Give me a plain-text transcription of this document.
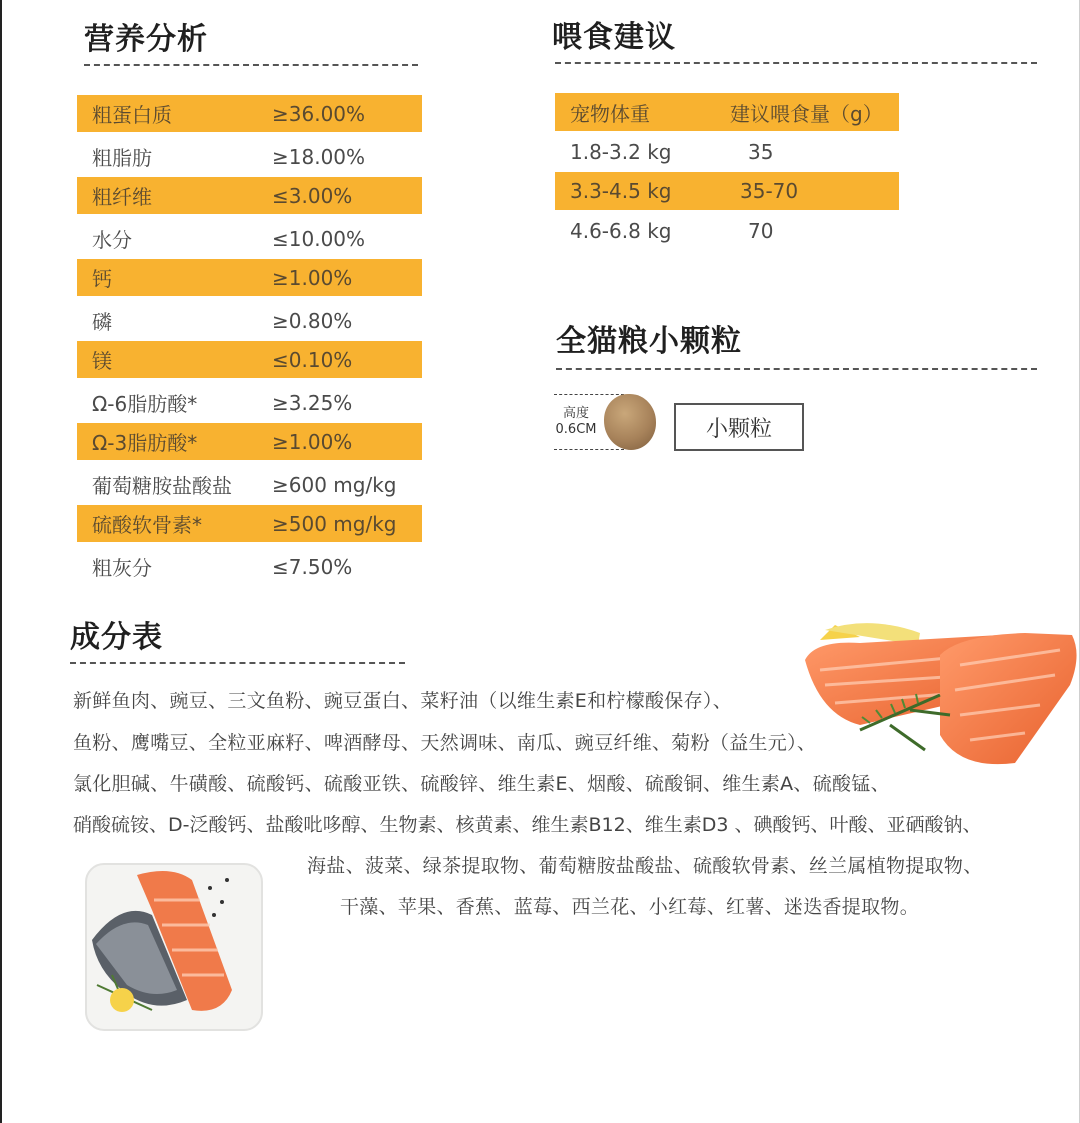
营养分析
粗蛋白质	≥36.00%
粗脂肪	≥18.00%
粗纤维	≤3.00%
水分	≤10.00%
钙	≥1.00%
磷	≥0.80%
镁	≤0.10%
Ω-6脂肪酸*	≥3.25%
Ω-3脂肪酸*	≥1.00%
葡萄糖胺盐酸盐	≥600 mg/kg
硫酸软骨素*	≥500 mg/kg
粗灰分	≤7.50%
喂食建议
宠物体重	建议喂食量（g）
1.8-3.2 kg	35
3.3-4.5 kg	35-70
4.6-6.8 kg	70
全猫粮小颗粒
高度
0.6CM	小颗粒
成分表
新鲜鱼肉、豌豆、三文鱼粉、豌豆蛋白、菜籽油（以维生素E和柠檬酸保存）、
鱼粉、鹰嘴豆、全粒亚麻籽、啤酒酵母、天然调味、南瓜、豌豆纤维、菊粉（益生元）、
氯化胆碱、牛磺酸、硫酸钙、硫酸亚铁、硫酸锌、维生素E、烟酸、硫酸铜、维生素A、硫酸锰、
硝酸硫铵、D-泛酸钙、盐酸吡哆醇、生物素、核黄素、维生素B12、维生素D3 、碘酸钙、叶酸、亚硒酸钠、
海盐、菠菜、绿茶提取物、葡萄糖胺盐酸盐、硫酸软骨素、丝兰属植物提取物、
干藻、苹果、香蕉、蓝莓、西兰花、小红莓、红薯、迷迭香提取物。
